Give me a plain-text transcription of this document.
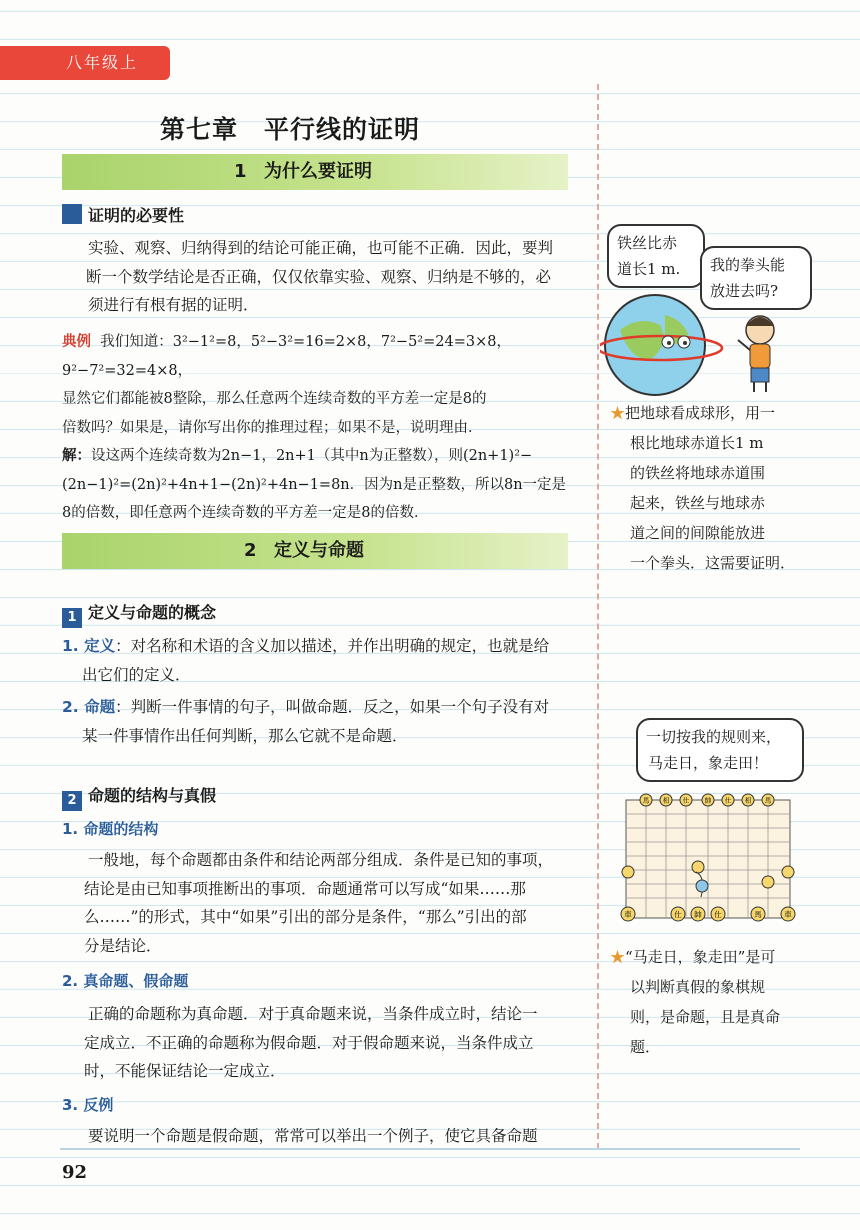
八年级上
第七章　平行线的证明
1 为什么要证明
证明的必要性
实验、观察、归纳得到的结论可能正确，也可能不正确．因此，要判
断一个数学结论是否正确，仅仅依靠实验、观察、归纳是不够的，必
须进行有根有据的证明．
典例 我们知道：3²−1²=8，5²−3²=16=2×8，7²−5²=24=3×8，9²−7²=32=4×8，
显然它们都能被8整除，那么任意两个连续奇数的平方差一定是8的
倍数吗？如果是，请你写出你的推理过程；如果不是，说明理由．
解：设这两个连续奇数为2n−1，2n+1（其中n为正整数），则(2n+1)²−
(2n−1)²=(2n)²+4n+1−(2n)²+4n−1=8n．因为n是正整数，所以8n一定是
8的倍数，即任意两个连续奇数的平方差一定是8的倍数．
2 定义与命题
1 定义与命题的概念
1. 定义：对名称和术语的含义加以描述，并作出明确的规定，也就是给
出它们的定义．
2. 命题：判断一件事情的句子，叫做命题．反之，如果一个句子没有对
某一件事情作出任何判断，那么它就不是命题．
2 命题的结构与真假
1. 命题的结构
一般地，每个命题都由条件和结论两部分组成．条件是已知的事项，
结论是由已知事项推断出的事项．命题通常可以写成“如果……那
么……”的形式，其中“如果”引出的部分是条件，“那么”引出的部
分是结论．
2. 真命题、假命题
正确的命题称为真命题．对于真命题来说，当条件成立时，结论一
定成立．不正确的命题称为假命题．对于假命题来说，当条件成立
时，不能保证结论一定成立．
3. 反例
要说明一个命题是假命题，常常可以举出一个例子，使它具备命题
铁丝比赤
道长1 m.	我的拳头能
放进去吗?
★把地球看成球形，用一
根比地球赤道长1 m
的铁丝将地球赤道围
起来，铁丝与地球赤
道之间的间隙能放进
一个拳头．这需要证明．
一切按我的规则来，
马走日，象走田！
馬 相 仕 帥 仕 相 馬
車	仕 帥 仕	馬	車
★“马走日，象走田”是可
以判断真假的象棋规
则，是命题，且是真命
题．
92
